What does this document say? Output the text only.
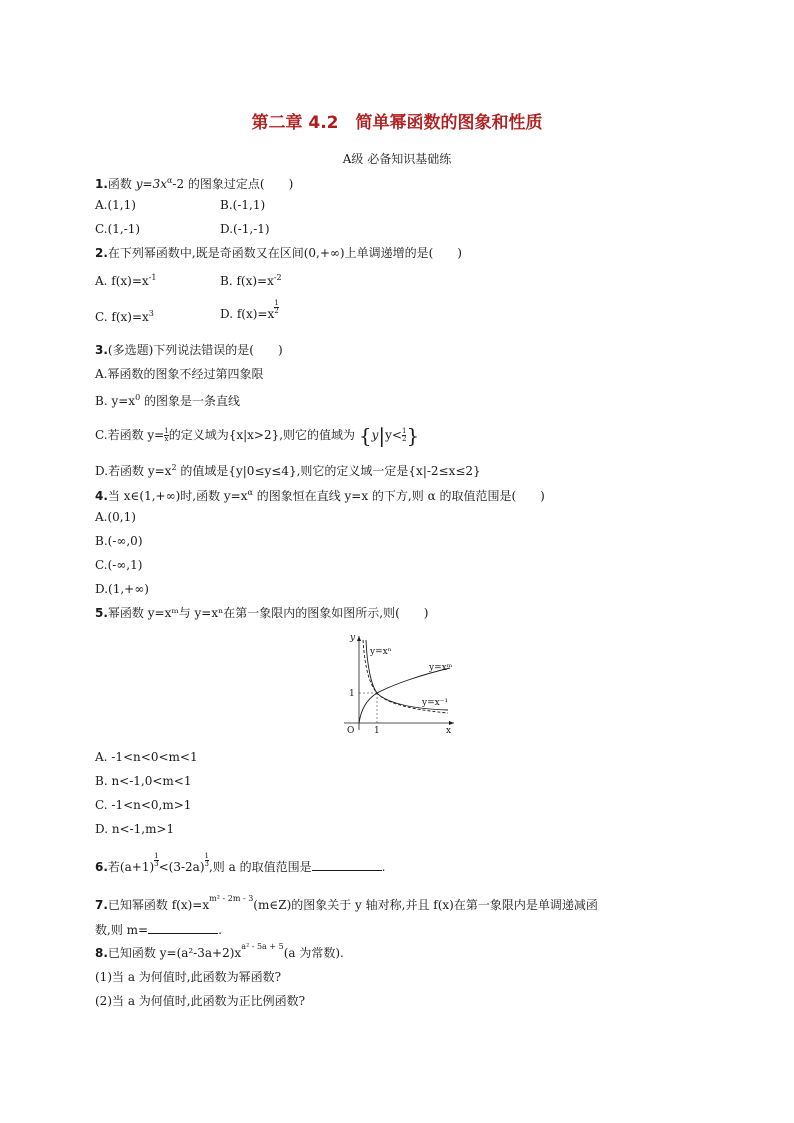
第二章 4.2　简单幂函数的图象和性质
A级 必备知识基础练
1.函数 $y=3x^\alpha-2$ 的图象过定点(　　)
A.(1,1)	B.(-1,1)
C.(1,-1)	D.(-1,-1)
2.在下列幂函数中,既是奇函数又在区间(0,+∞)上单调递增的是(　　)
A. $f(x)=x^{-1}$	B. $f(x)=x^{-2}$
C. $f(x)=x^3$	D. $f(x)=x \frac{1}{2}$
3.(多选题)下列说法错误的是(　　)
A.幂函数的图象不经过第四象限
B. $y=x^0$ 的图象是一条直线
C.若函数 $y= \frac{1}{x}$ 的定义域为{x|x>2},则它的值域为 {$y|y< \frac{1}{2}$ }
D.若函数 $y=x^2$ 的值域是{y|0≤y≤4},则它的定义域一定是{x|-2≤x≤2}
4.当 x∈(1,+∞)时,函数 $y=x^\alpha$ 的图象恒在直线 y=x 的下方,则 α 的取值范围是(　　)
A.(0,1)
B.(-∞,0)
C.(-∞,1)
D.(1,+∞)
5.幂函数 y=xᵐ与 y=xⁿ在第一象限内的图象如图所示,则(　　)
y
x
O
1
1
y=xⁿ
y=xᵐ
y=x⁻¹
A. -1<n<0<m<1
B. n<-1,0<m<1
C. -1<n<0,m>1
D. n<-1,m>1
6.若$(a+1) \frac{1}{3} <(3-2a) \frac{1}{3}$ ,则 a 的取值范围是	.
7.已知幂函数 $f(x)=x^{m^2 - 2m - 3}(m\in Z)$的图象关于 y 轴对称,并且 f(x)在第一象限内是单调递减函
数,则 m=	.
8.已知函数 $y=(a^2-3a+2)x^{a^2 - 5a + 5}(a$ 为常数).
(1)当 a 为何值时,此函数为幂函数?
(2)当 a 为何值时,此函数为正比例函数?
